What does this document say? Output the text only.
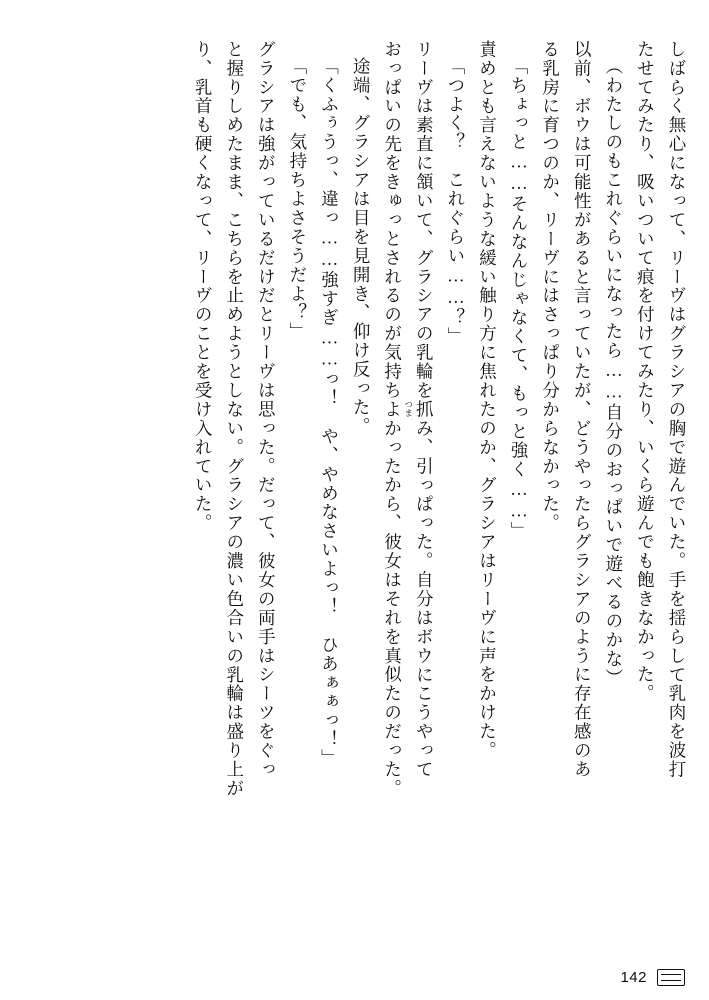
しばらく無心になって、リーヴはグラシアの胸で遊んでいた。手を揺らして乳肉を波打
たせてみたり、吸いついて痕を付けてみたり、いくら遊んでも飽きなかった。
（わたしのもこれぐらいになったら……自分のおっぱいで遊べるのかな）
以前、ボウは可能性があると言っていたが、どうやったらグラシアのように存在感のあ
る乳房に育つのか、リーヴにはさっぱり分からなかった。
「ちょっと……そんなんじゃなくて、もっと強く……」
責めとも言えないような緩い触り方に焦れたのか、グラシアはリーヴに声をかけた。
「つよく？　これぐらい……？」
リーヴは素直に頷いて、グラシアの乳輪を抓
つま
み、引っぱった。自分はボウにこうやって
おっぱいの先をきゅっとされるのが気持ちよかったから、彼女はそれを真似たのだった。
途端、グラシアは目を見開き、仰け反った。
「くふぅうっ、違っ……強すぎ……っ！　や、やめなさいよっ！　ひあぁぁっ！」
「でも、気持ちよさそうだよ？」
グラシアは強がっているだけだとリーヴは思った。だって、彼女の両手はシーツをぐっ
と握りしめたまま、こちらを止めようとしない。グラシアの濃い色合いの乳輪は盛り上が
り、乳首も硬くなって、リーヴのことを受け入れていた。
142
